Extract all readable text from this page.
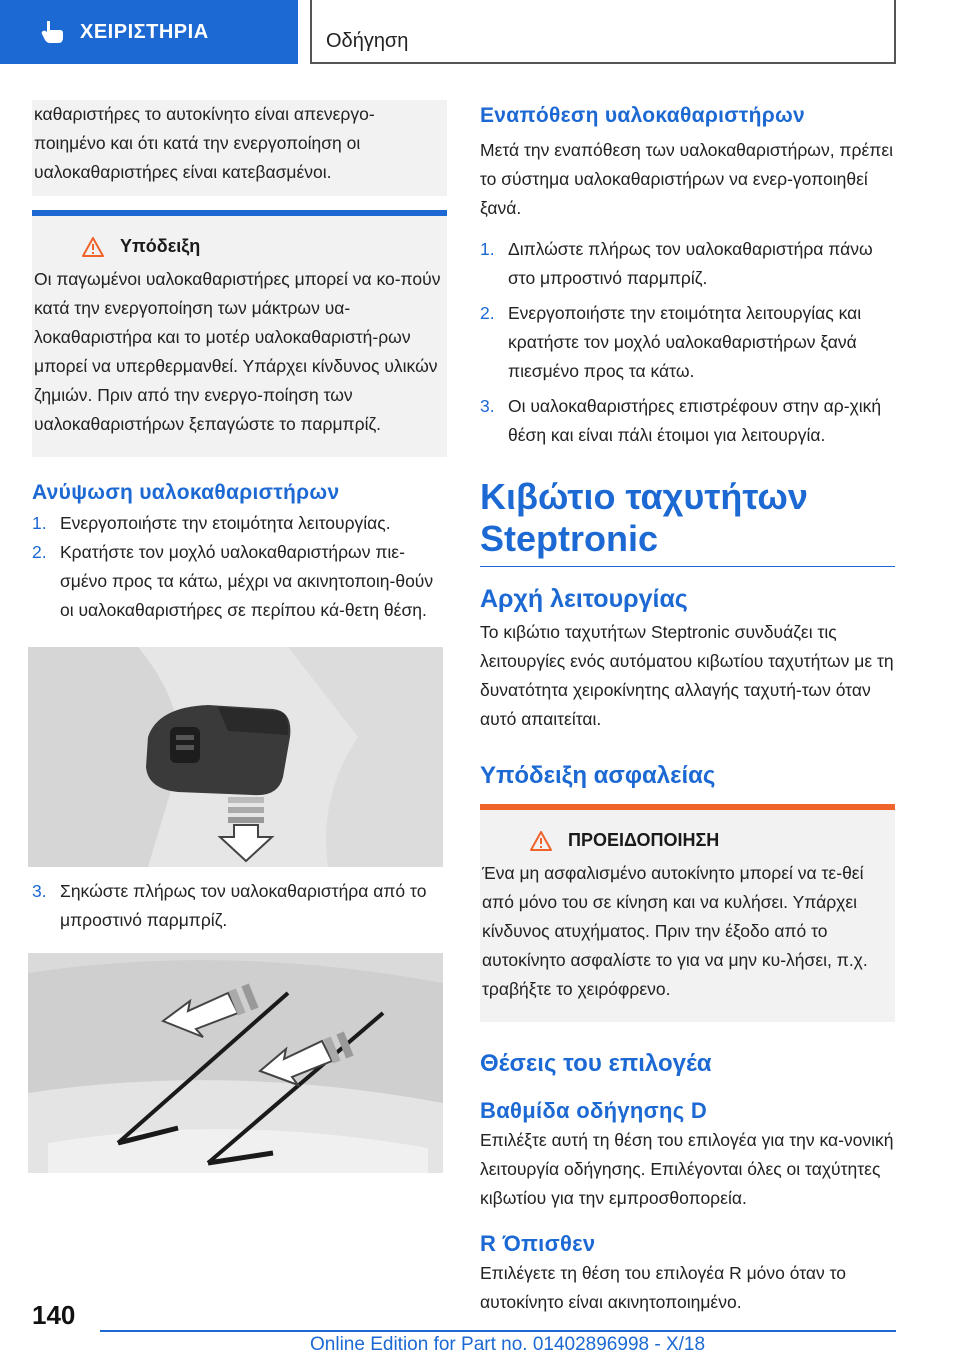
ΧΕΙΡΙΣΤΗΡΙΑ	Οδήγηση

καθαριστήρες το αυτοκίνητο είναι απενεργο-ποιημένο και ότι κατά την ενεργοποίηση οι υαλοκαθαριστήρες είναι κατεβασμένοι.

Υπόδειξη

Οι παγωμένοι υαλοκαθαριστήρες μπορεί να κο-πούν κατά την ενεργοποίηση των μάκτρων υα-λοκαθαριστήρα και το μοτέρ υαλοκαθαριστή-ρων μπορεί να υπερθερμανθεί. Υπάρχει κίνδυνος υλικών ζημιών. Πριν από την ενεργο-ποίηση των υαλοκαθαριστήρων ξεπαγώστε το παρμπρίζ.

Ανύψωση υαλοκαθαριστήρων
1. Ενεργοποιήστε την ετοιμότητα λειτουργίας.
2. Κρατήστε τον μοχλό υαλοκαθαριστήρων πιε-σμένο προς τα κάτω, μέχρι να ακινητοποιη-θούν οι υαλοκαθαριστήρες σε περίπου κά-θετη θέση.
3. Σηκώστε πλήρως τον υαλοκαθαριστήρα από το μπροστινό παρμπρίζ.
Εναπόθεση υαλοκαθαριστήρων

Μετά την εναπόθεση των υαλοκαθαριστήρων, πρέπει το σύστημα υαλοκαθαριστήρων να ενερ-γοποιηθεί ξανά.

1. Διπλώστε πλήρως τον υαλοκαθαριστήρα πάνω στο μπροστινό παρμπρίζ.
2. Ενεργοποιήστε την ετοιμότητα λειτουργίας και κρατήστε τον μοχλό υαλοκαθαριστήρων ξανά πιεσμένο προς τα κάτω.
3. Οι υαλοκαθαριστήρες επιστρέφουν στην αρ-χική θέση και είναι πάλι έτοιμοι για λειτουργία.
Κιβώτιο ταχυτήτων Steptronic
Αρχή λειτουργίας

Το κιβώτιο ταχυτήτων Steptronic συνδυάζει τις λειτουργίες ενός αυτόματου κιβωτίου ταχυτήτων με τη δυνατότητα χειροκίνητης αλλαγής ταχυτή-των όταν αυτό απαιτείται.

Υπόδειξη ασφαλείας
ΠΡΟΕΙΔΟΠΟΙΗΣΗ

Ένα μη ασφαλισμένο αυτοκίνητο μπορεί να τε-θεί από μόνο του σε κίνηση και να κυλήσει. Υπάρχει κίνδυνος ατυχήματος. Πριν την έξοδο από το αυτοκίνητο ασφαλίστε το για να μην κυ-λήσει, π.χ. τραβήξτε το χειρόφρενο.

Θέσεις του επιλογέα
Βαθμίδα οδήγησης D

Επιλέξτε αυτή τη θέση του επιλογέα για την κα-νονική λειτουργία οδήγησης. Επιλέγονται όλες οι ταχύτητες κιβωτίου για την εμπροσθοπορεία.

R Όπισθεν

Επιλέγετε τη θέση του επιλογέα R μόνο όταν το αυτοκίνητο είναι ακινητοποιημένο.

140
Online Edition for Part no. 01402896998 - X/18
